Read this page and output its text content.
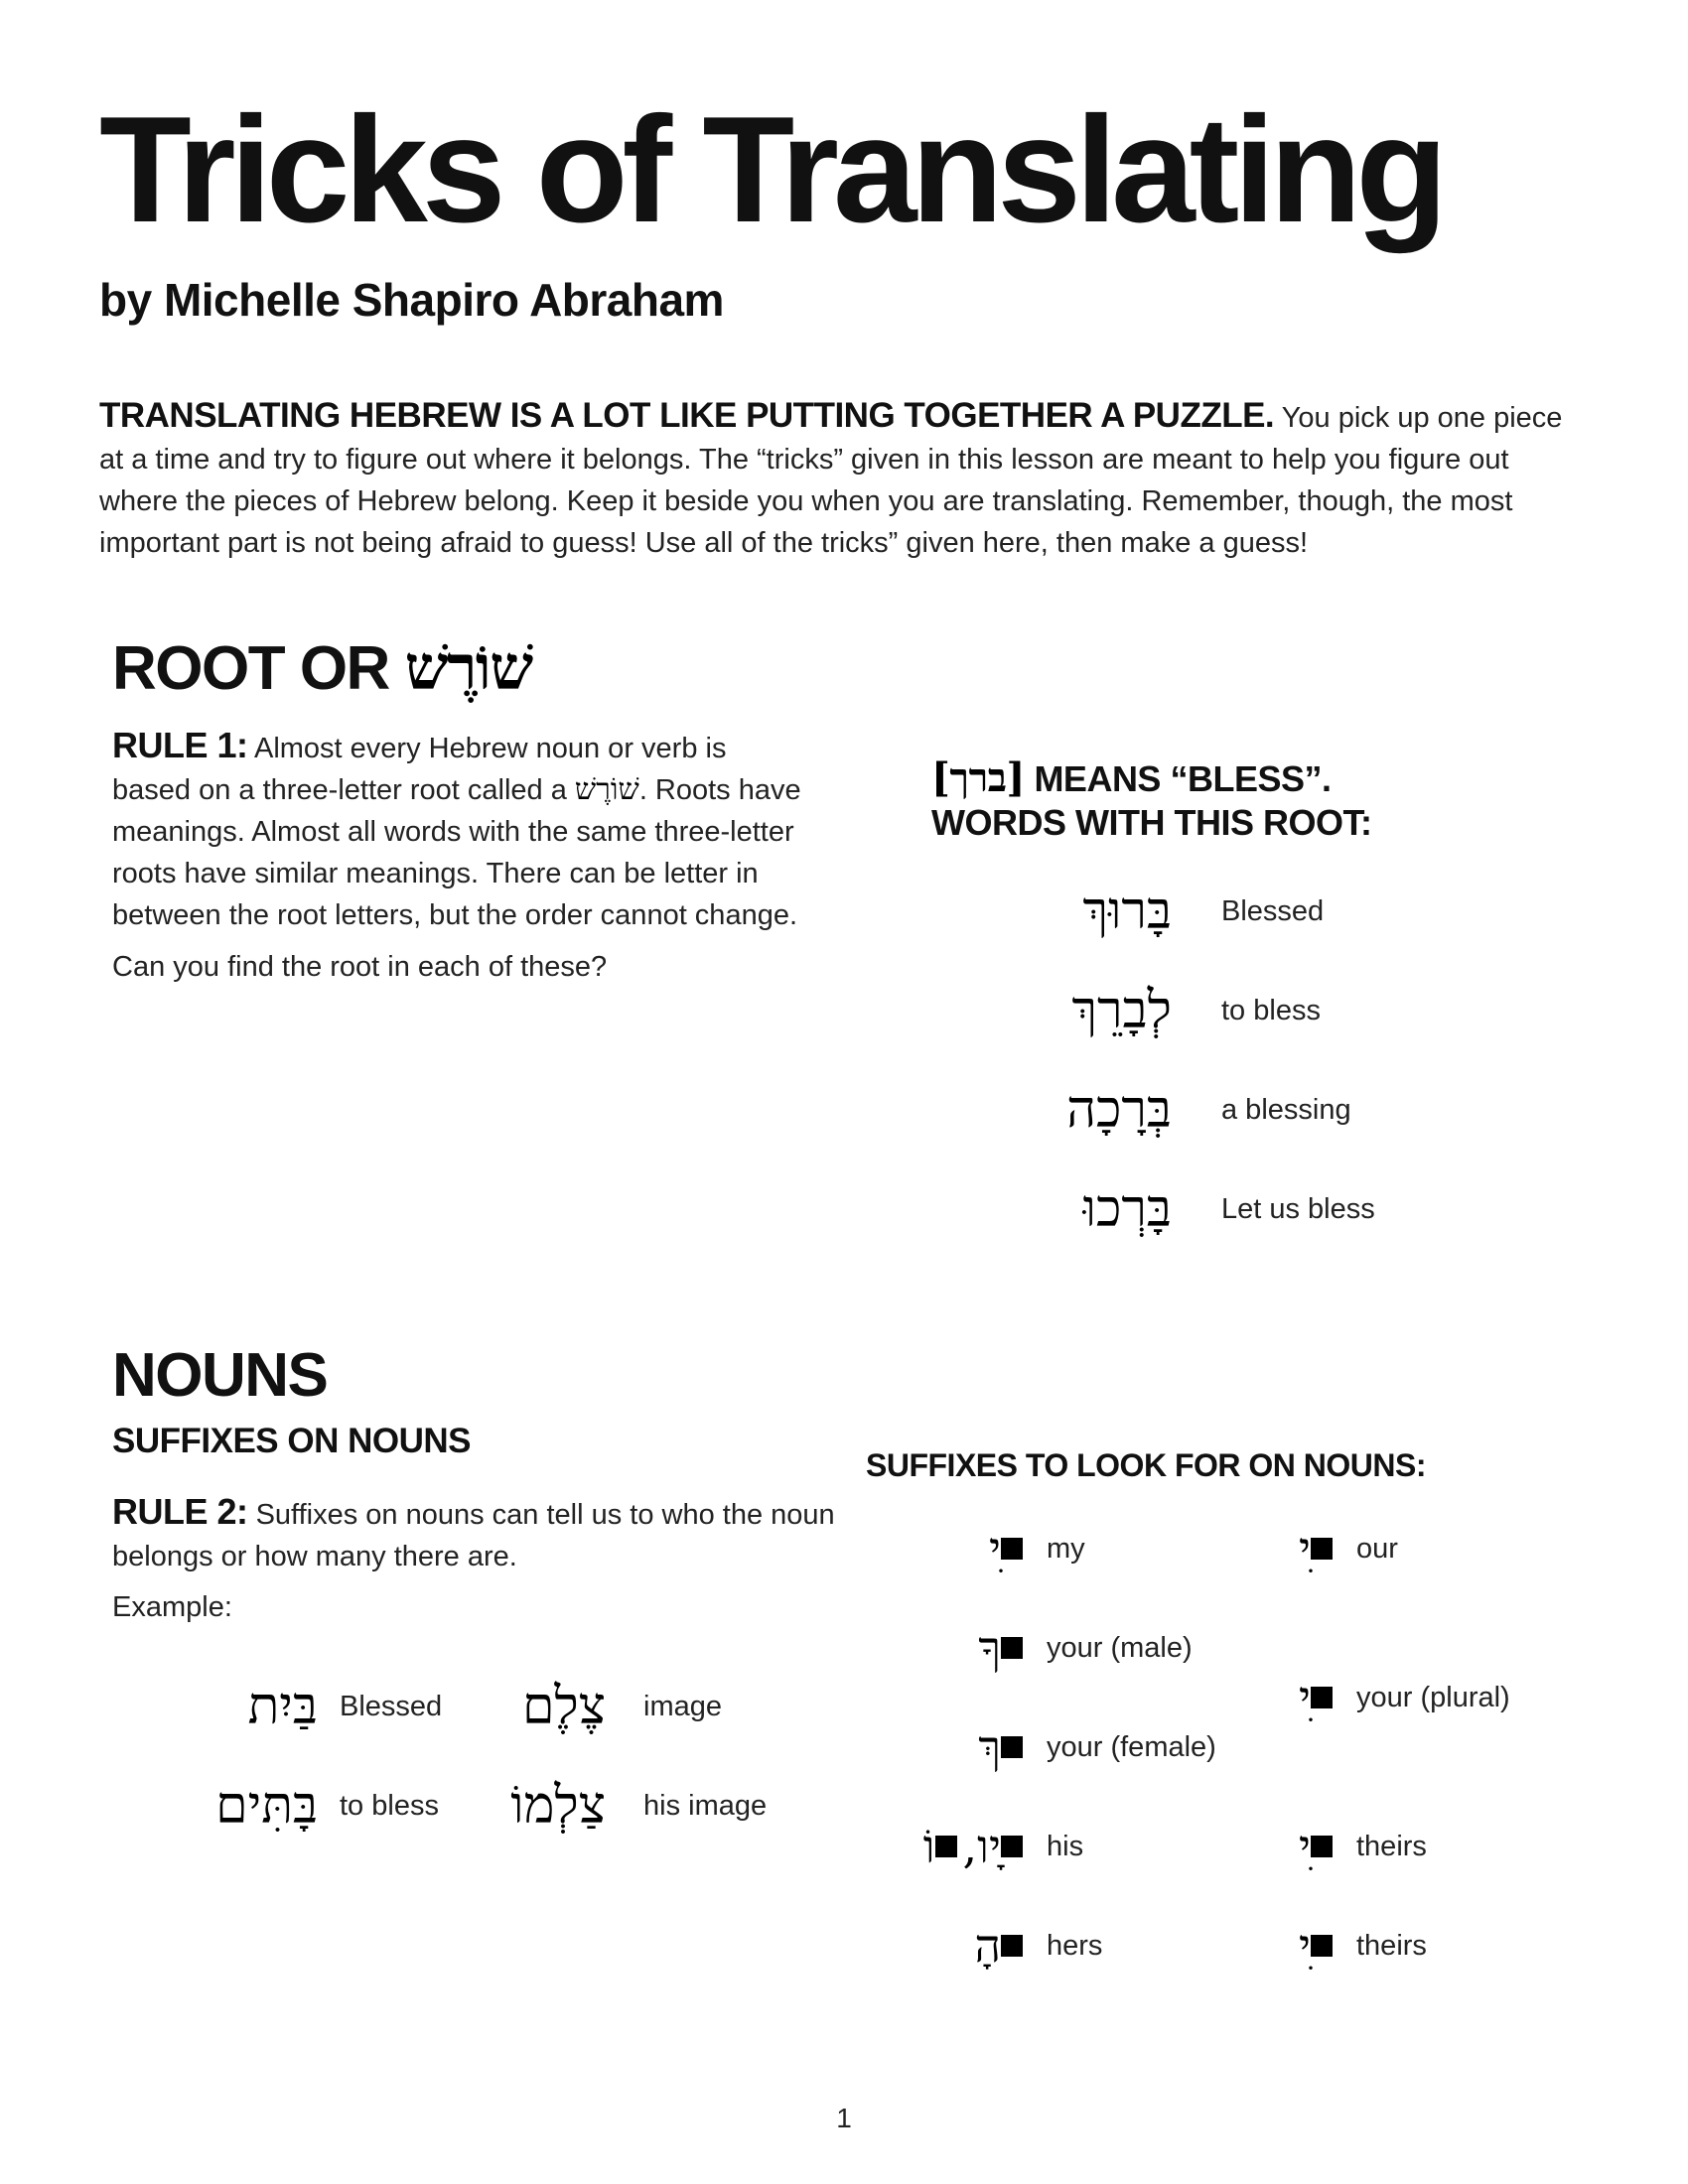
Tricks of Translating
by Michelle Shapiro Abraham
TRANSLATING HEBREW IS A LOT LIKE PUTTING TOGETHER A PUZZLE. You pick up one piece at a time and try to figure out where it belongs. The “tricks” given in this lesson are meant to help you figure out where the pieces of Hebrew belong. Keep it beside you when you are translating. Remember, though, the most important part is not being afraid to guess! Use all of the tricks” given here, then make a guess!
ROOT OR שׁוֹרֶשׁ
RULE 1: Almost every Hebrew noun or verb is based on a three-letter root called a שׁוֹרֶשׁ. Roots have meanings. Almost all words with the same three-letter roots have similar meanings. There can be letter in between the root letters, but the order cannot change.
Can you find the root in each of these?
[ברך] MEANS “BLESS”.
WORDS WITH THIS ROOT:
בָּרוּךְ Blessed
לְבָרֵךְ to bless
בְּרָכָה a blessing
בָּרְכוּ Let us bless
NOUNS
SUFFIXES ON NOUNS
RULE 2: Suffixes on nouns can tell us to who the noun belongs or how many there are.
Example:
בַּיִת Blessed	צֶלֶם image
בָּתִּים to bless	צַלְמוֹ his image
SUFFIXES TO LOOK FOR ON NOUNS:
ִי my
ךָ your (male)
ךְ your (female)
וֹ ָיו, his
הָ hers
ִי our
ִי your (plural)
ִי theirs
ִי theirs
1
